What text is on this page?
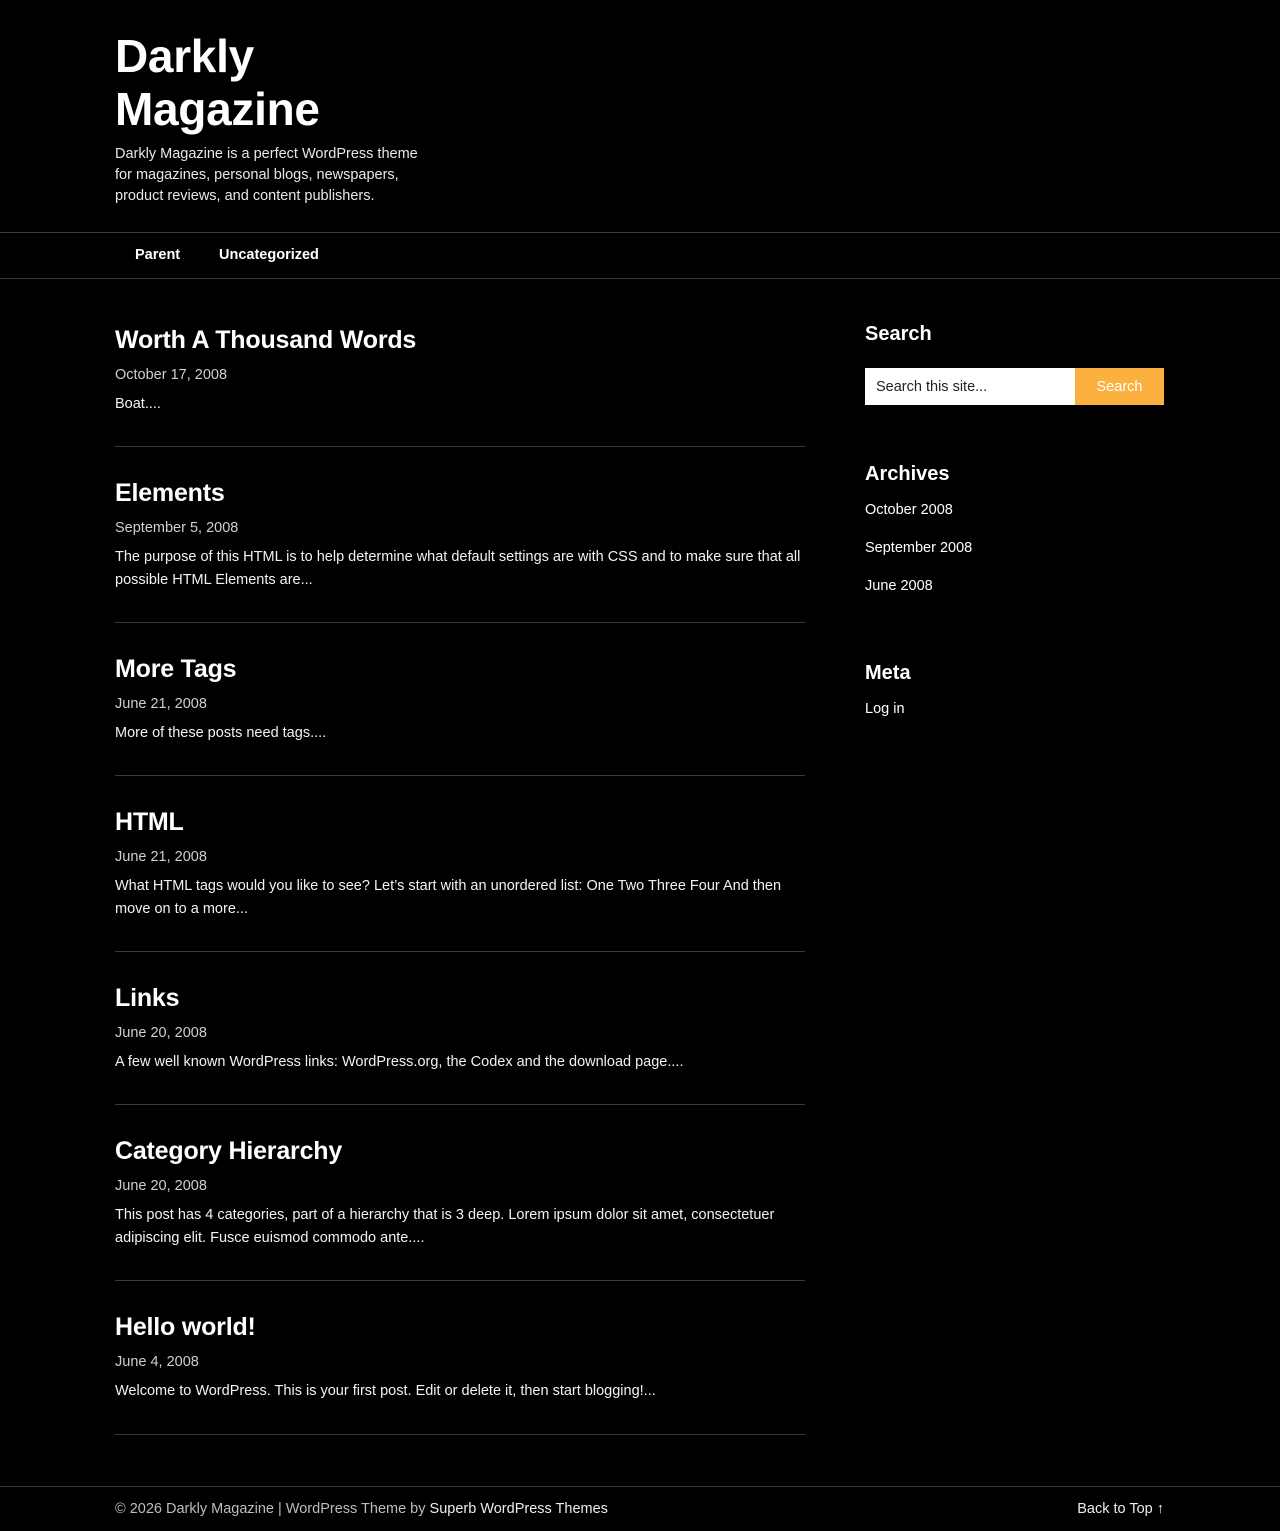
Darkly Magazine

Darkly Magazine is a perfect WordPress theme for magazines, personal blogs, newspapers, product reviews, and content publishers.

Parent	Uncategorized
Worth A Thousand Words
October 17, 2008
Boat....
Elements
September 5, 2008
The purpose of this HTML is to help determine what default settings are with CSS and to make sure that all possible HTML Elements are...
More Tags
June 21, 2008
More of these posts need tags....
HTML
June 21, 2008
What HTML tags would you like to see? Let’s start with an unordered list: One Two Three Four And then move on to a more...
Links
June 20, 2008
A few well known WordPress links: WordPress.org, the Codex and the download page....
Category Hierarchy
June 20, 2008
This post has 4 categories, part of a hierarchy that is 3 deep. Lorem ipsum dolor sit amet, consectetuer adipiscing elit. Fusce euismod commodo ante....
Hello world!
June 4, 2008
Welcome to WordPress. This is your first post. Edit or delete it, then start blogging!...
Search
Search this site...
Search
Archives
October 2008
September 2008
June 2008
Meta
Log in
© 2026 Darkly Magazine | WordPress Theme by Superb WordPress Themes	Back to Top ↑
